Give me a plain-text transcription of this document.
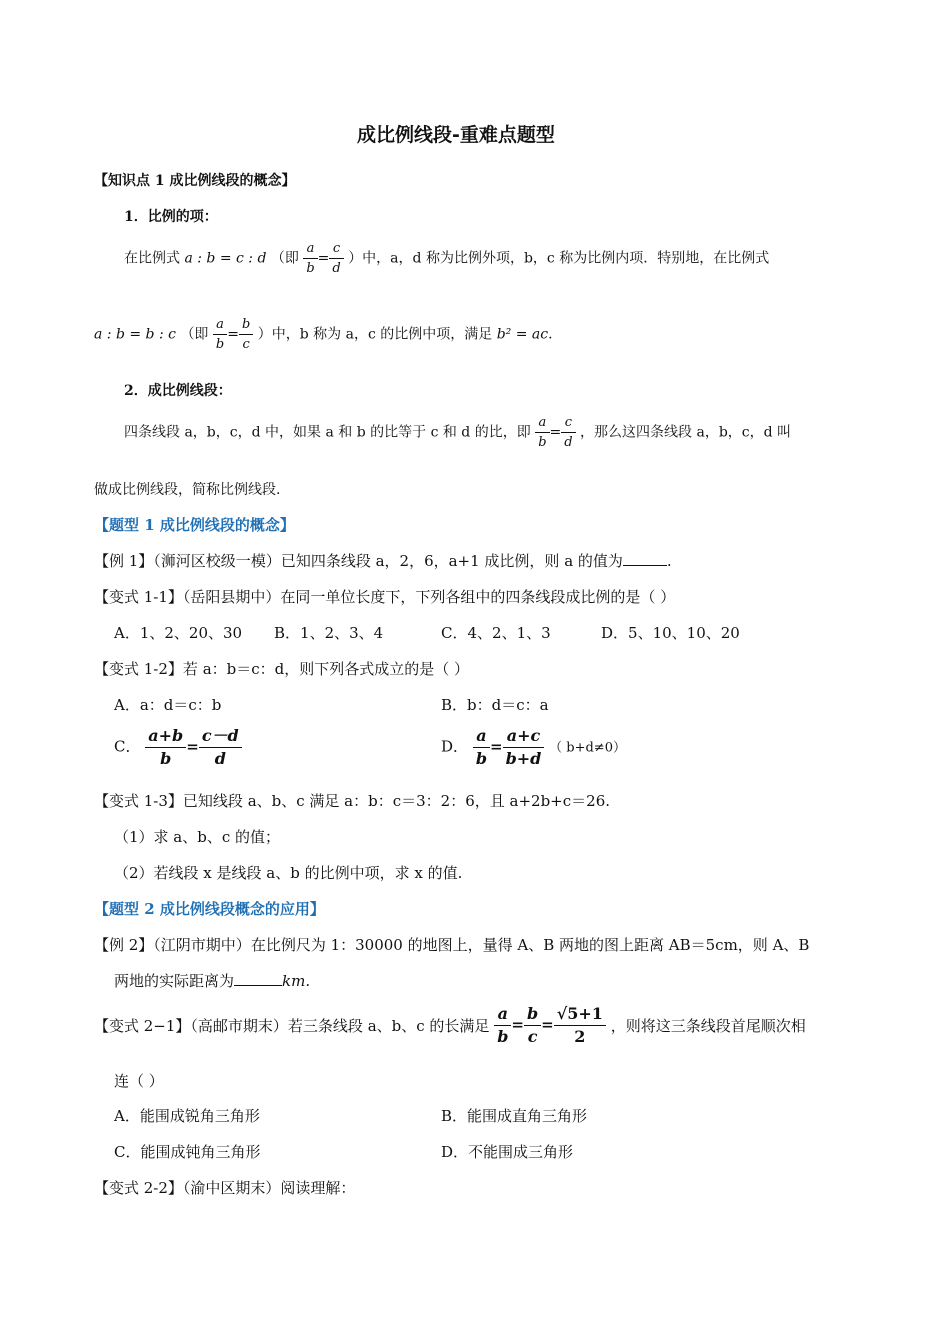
成比例线段-重难点题型
【知识点 1 成比例线段的概念】
1．比例的项：
在比例式 a : b = c : d （即 $\frac{a}{b} = \frac{c}{d}$ ）中，a，d 称为比例外项，b，c 称为比例内项．特别地，在比例式
a : b = b : c （即 $\frac{a}{b} = \frac{b}{c}$ ）中，b 称为 a，c 的比例中项，满足 b² = ac.
2．成比例线段：
四条线段 a，b，c，d 中，如果 a 和 b 的比等于 c 和 d 的比，即 $\frac{a}{b} = \frac{c}{d}$ ，那么这四条线段 a，b，c，d 叫
做成比例线段，简称比例线段.
【题型 1 成比例线段的概念】
【例 1】（浉河区校级一模）已知四条线段 a，2，6，a+1 成比例，则 a 的值为	.
【变式 1-1】（岳阳县期中）在同一单位长度下，下列各组中的四条线段成比例的是（ ）
A．1、2、20、30 B．1、2、3、4	C．4、2、1、3	D．5、10、10、20
【变式 1-2】若 a：b＝c：d，则下列各式成立的是（ ）
A．a：d＝c：b	B．b：d＝c：a
C． $\frac{a+b}{b} = \frac{c-d}{d}$	D． $\frac{a}{b} = \frac{a+c}{b+d}$ （ b+d≠0）
【变式 1-3】已知线段 a、b、c 满足 a：b：c＝3：2：6，且 a+2b+c＝26.
（1）求 a、b、c 的值；
（2）若线段 x 是线段 a、b 的比例中项，求 x 的值.
【题型 2 成比例线段概念的应用】
【例 2】（江阴市期中）在比例尺为 1：30000 的地图上，量得 A、B 两地的图上距离 AB＝5cm，则 A、B
两地的实际距离为	km.
【变式 2−1】（高邮市期末）若三条线段 a、b、c 的长满足 $\frac{a}{b} = \frac{b}{c} = \frac{√5+1}{2}$ ，则将这三条线段首尾顺次相
连（ ）
A．能围成锐角三角形	B．能围成直角三角形
C．能围成钝角三角形	D．不能围成三角形
【变式 2-2】（渝中区期末）阅读理解：
